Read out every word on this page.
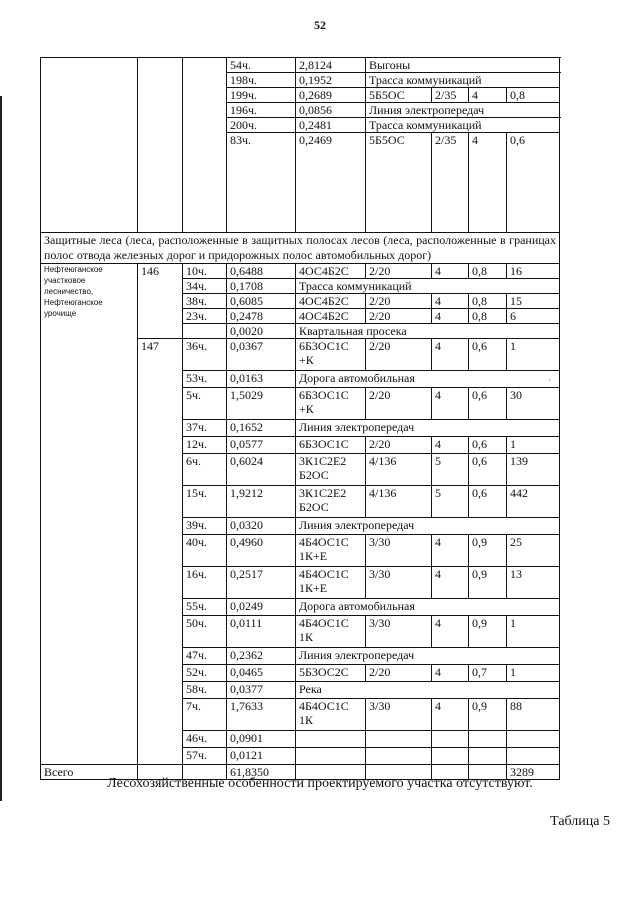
52
·
			54ч.	2,8124	Выгоны				
			198ч.	0,1952	Трасса коммуникаций				
			199ч.	0,2689	5Б5ОС	2/35	4	0,8	
			196ч.	0,0856	Линия электропередач				
			200ч.	0,2481	Трасса коммуникаций				
			83ч.	0,2469	5Б5ОС	2/35	4	0,6	
Защитные леса (леса, расположенные в защитных полосах лесов (леса, расположенные в границах полос отвода железных дорог и придорожных полос автомобильных дорог)									
Нефтеюганское участковое лесничество, Нефтеюганское урочище	146	10ч.	0,6488	4ОС4Б2С	2/20	4	0,8	16	
		34ч.	0,1708	Трасса коммуникаций					
		38ч.	0,6085	4ОС4Б2С	2/20	4	0,8	15	
		23ч.	0,2478	4ОС4Б2С	2/20	4	0,8	6	
			0,0020	Квартальная просека					
	147	36ч.	0,0367	6Б3ОС1С +К	2/20	4	0,6	1	
		53ч.	0,0163	Дорога автомобильная					
		5ч.	1,5029	6Б3ОС1С +К	2/20	4	0,6	30	
		37ч.	0,1652	Линия электропередач					
		12ч.	0,0577	6Б3ОС1С	2/20	4	0,6	1	
		6ч.	0,6024	3К1С2Е2 Б2ОС	4/136	5	0,6	139	
		15ч.	1,9212	3К1С2Е2 Б2ОС	4/136	5	0,6	442	
		39ч.	0,0320	Линия электропередач					
		40ч.	0,4960	4Б4ОС1С 1К+Е	3/30	4	0,9	25	
		16ч.	0,2517	4Б4ОС1С 1К+Е	3/30	4	0,9	13	
		55ч.	0,0249	Дорога автомобильная					
		50ч.	0,0111	4Б4ОС1С 1К	3/30	4	0,9	1	
		47ч.	0,2362	Линия электропередач					
		52ч.	0,0465	5Б3ОС2С	2/20	4	0,7	1	
		58ч.	0,0377	Река					
		7ч.	1,7633	4Б4ОС1С 1К	3/30	4	0,9	88	
		46ч.	0,0901						
		57ч.	0,0121						
Всего			61,8350					3289	
Лесохозяйственные особенности проектируемого участка отсутствуют.
Таблица 5
